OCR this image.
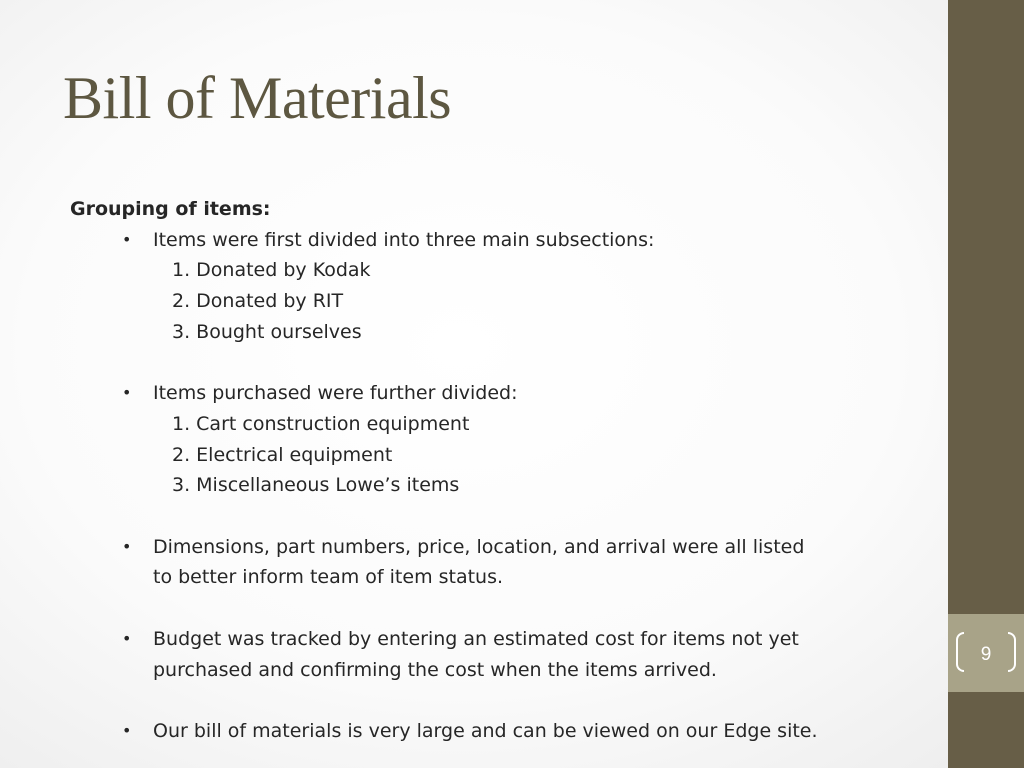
9
Bill of Materials

Grouping of items:

• Items were first divided into three main subsections:

1. Donated by Kodak

2. Donated by RIT

3. Bought ourselves

• Items purchased were further divided:

1. Cart construction equipment

2. Electrical equipment

3. Miscellaneous Lowe’s items

• Dimensions, part numbers, price, location, and arrival were all listed
to better inform team of item status.
• Budget was tracked by entering an estimated cost for items not yet
purchased and confirming the cost when the items arrived.
• Our bill of materials is very large and can be viewed on our Edge site.
